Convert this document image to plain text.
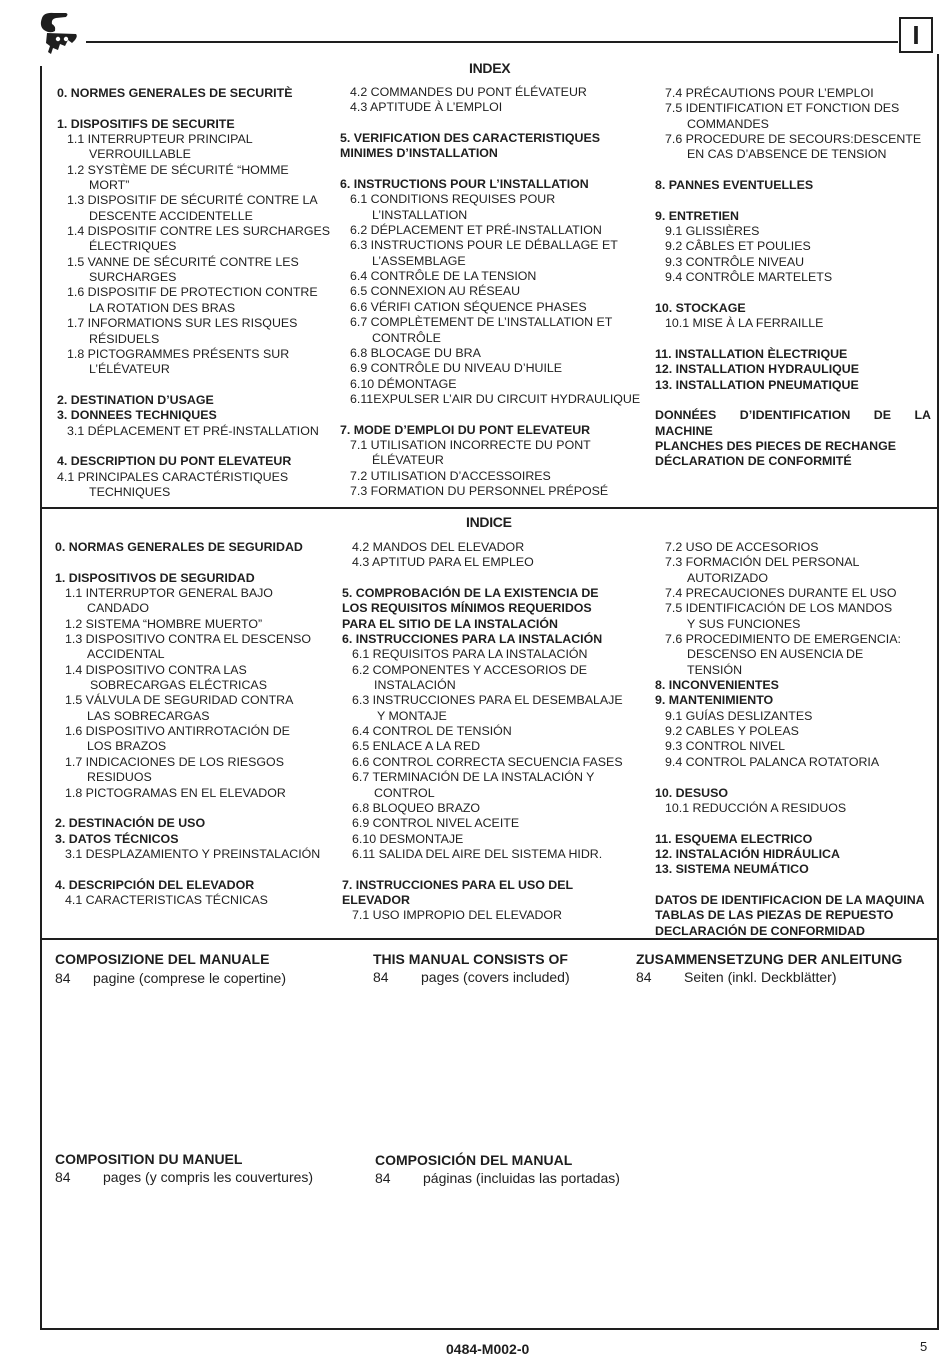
I
INDEX
0. NORMES GENERALES DE SECURITÈ
1. DISPOSITIFS DE SECURITE
1.1 INTERRUPTEUR PRINCIPAL
VERROUILLABLE
1.2 SYSTÈME DE SÉCURITÉ “HOMME
MORT”
1.3 DISPOSITIF DE SÉCURITÉ CONTRE LA
DESCENTE ACCIDENTELLE
1.4 DISPOSITIF CONTRE LES SURCHARGES
ÉLECTRIQUES
1.5 VANNE DE SÉCURITÉ CONTRE LES
SURCHARGES
1.6 DISPOSITIF DE PROTECTION CONTRE
LA ROTATION DES BRAS
1.7 INFORMATIONS SUR LES RISQUES
RÉSIDUELS
1.8 PICTOGRAMMES PRÉSENTS SUR
L’ÉLÉVATEUR
2. DESTINATION D’USAGE
3. DONNEES TECHNIQUES
3.1 DÉPLACEMENT ET PRÉ-INSTALLATION
4. DESCRIPTION DU PONT ELEVATEUR
4.1 PRINCIPALES CARACTÉRISTIQUES
TECHNIQUES
4.2 COMMANDES DU PONT ÉLÉVATEUR
4.3 APTITUDE À L’EMPLOI
5. VERIFICATION DES CARACTERISTIQUES
MINIMES D’INSTALLATION
6. INSTRUCTIONS POUR L’INSTALLATION
6.1 CONDITIONS REQUISES POUR
L’INSTALLATION
6.2 DÉPLACEMENT ET PRÉ-INSTALLATION
6.3 INSTRUCTIONS POUR LE DÉBALLAGE ET
L’ASSEMBLAGE
6.4 CONTRÔLE DE LA TENSION
6.5 CONNEXION AU RÉSEAU
6.6 VÉRIFI CATION SÉQUENCE PHASES
6.7 COMPLÈTEMENT DE L’INSTALLATION ET
CONTRÔLE
6.8 BLOCAGE DU BRA
6.9 CONTRÔLE DU NIVEAU D’HUILE
6.10 DÉMONTAGE
6.11EXPULSER L’AIR DU CIRCUIT HYDRAULIQUE
7. MODE D’EMPLOI DU PONT ELEVATEUR
7.1 UTILISATION INCORRECTE DU PONT
ÉLÉVATEUR
7.2 UTILISATION D’ACCESSOIRES
7.3 FORMATION DU PERSONNEL PRÉPOSÉ
7.4 PRÉCAUTIONS POUR L’EMPLOI
7.5 IDENTIFICATION ET FONCTION DES
COMMANDES
7.6 PROCEDURE DE SECOURS:DESCENTE
EN CAS D’ABSENCE DE TENSION
8. PANNES EVENTUELLES
9. ENTRETIEN
9.1 GLISSIÈRES
9.2 CÂBLES ET POULIES
9.3 CONTRÔLE NIVEAU
9.4 CONTRÔLE MARTELETS
10. STOCKAGE
10.1 MISE À LA FERRAILLE
11. INSTALLATION ÈLECTRIQUE
12. INSTALLATION HYDRAULIQUE
13. INSTALLATION PNEUMATIQUE
DONNÉES D’IDENTIFICATION DE LA
MACHINE
PLANCHES DES PIECES DE RECHANGE
DÉCLARATION DE CONFORMITÉ
INDICE
0. NORMAS GENERALES DE SEGURIDAD
1. DISPOSITIVOS DE SEGURIDAD
1.1 INTERRUPTOR GENERAL BAJO
CANDADO
1.2 SISTEMA “HOMBRE MUERTO”
1.3 DISPOSITIVO CONTRA EL DESCENSO
ACCIDENTAL
1.4 DISPOSITIVO CONTRA LAS
SOBRECARGAS ELÉCTRICAS
1.5 VÁLVULA DE SEGURIDAD CONTRA
LAS SOBRECARGAS
1.6 DISPOSITIVO ANTIRROTACIÓN DE
LOS BRAZOS
1.7 INDICACIONES DE LOS RIESGOS
RESIDUOS
1.8 PICTOGRAMAS EN EL ELEVADOR
2. DESTINACIÓN DE USO
3. DATOS TÉCNICOS
3.1 DESPLAZAMIENTO Y PREINSTALACIÓN
4. DESCRIPCIÓN DEL ELEVADOR
4.1 CARACTERISTICAS TÉCNICAS
4.2 MANDOS DEL ELEVADOR
4.3 APTITUD PARA EL EMPLEO
5. COMPROBACIÓN DE LA EXISTENCIA DE
LOS REQUISITOS MÍNIMOS REQUERIDOS
PARA EL SITIO DE LA INSTALACIÓN
6. INSTRUCCIONES PARA LA INSTALACIÓN
6.1 REQUISITOS PARA LA INSTALACIÓN
6.2 COMPONENTES Y ACCESORIOS DE
INSTALACIÓN
6.3 INSTRUCCIONES PARA EL DESEMBALAJE
Y MONTAJE
6.4 CONTROL DE TENSIÓN
6.5 ENLACE A LA RED
6.6 CONTROL CORRECTA SECUENCIA FASES
6.7 TERMINACIÓN DE LA INSTALACIÓN Y
CONTROL
6.8 BLOQUEO BRAZO
6.9 CONTROL NIVEL ACEITE
6.10 DESMONTAJE
6.11 SALIDA DEL AIRE DEL SISTEMA HIDR.
7. INSTRUCCIONES PARA EL USO DEL
ELEVADOR
7.1 USO IMPROPIO DEL ELEVADOR
7.2 USO DE ACCESORIOS
7.3 FORMACIÓN DEL PERSONAL
AUTORIZADO
7.4 PRECAUCIONES DURANTE EL USO
7.5 IDENTIFICACIÓN DE LOS MANDOS
Y SUS FUNCIONES
7.6 PROCEDIMIENTO DE EMERGENCIA:
DESCENSO EN AUSENCIA DE
TENSIÓN
8. INCONVENIENTES
9. MANTENIMIENTO
9.1 GUÍAS DESLIZANTES
9.2 CABLES Y POLEAS
9.3 CONTROL NIVEL
9.4 CONTROL PALANCA ROTATORIA
10. DESUSO
10.1 REDUCCIÓN A RESIDUOS
11. ESQUEMA ELECTRICO
12. INSTALACIÓN HIDRÁULICA
13. SISTEMA NEUMÁTICO
DATOS DE IDENTIFICACION DE LA MAQUINA
TABLAS DE LAS PIEZAS DE REPUESTO
DECLARACIÓN DE CONFORMIDAD
COMPOSIZIONE DEL MANUALE
84 pagine (comprese le copertine)
THIS MANUAL CONSISTS OF
84 pages (covers included)
ZUSAMMENSETZUNG DER ANLEITUNG
84 Seiten (inkl. Deckblätter)
COMPOSITION DU MANUEL
84 pages (y compris les couvertures)
COMPOSICIÓN DEL MANUAL
84 páginas (incluidas las portadas)
0484-M002-0	5
